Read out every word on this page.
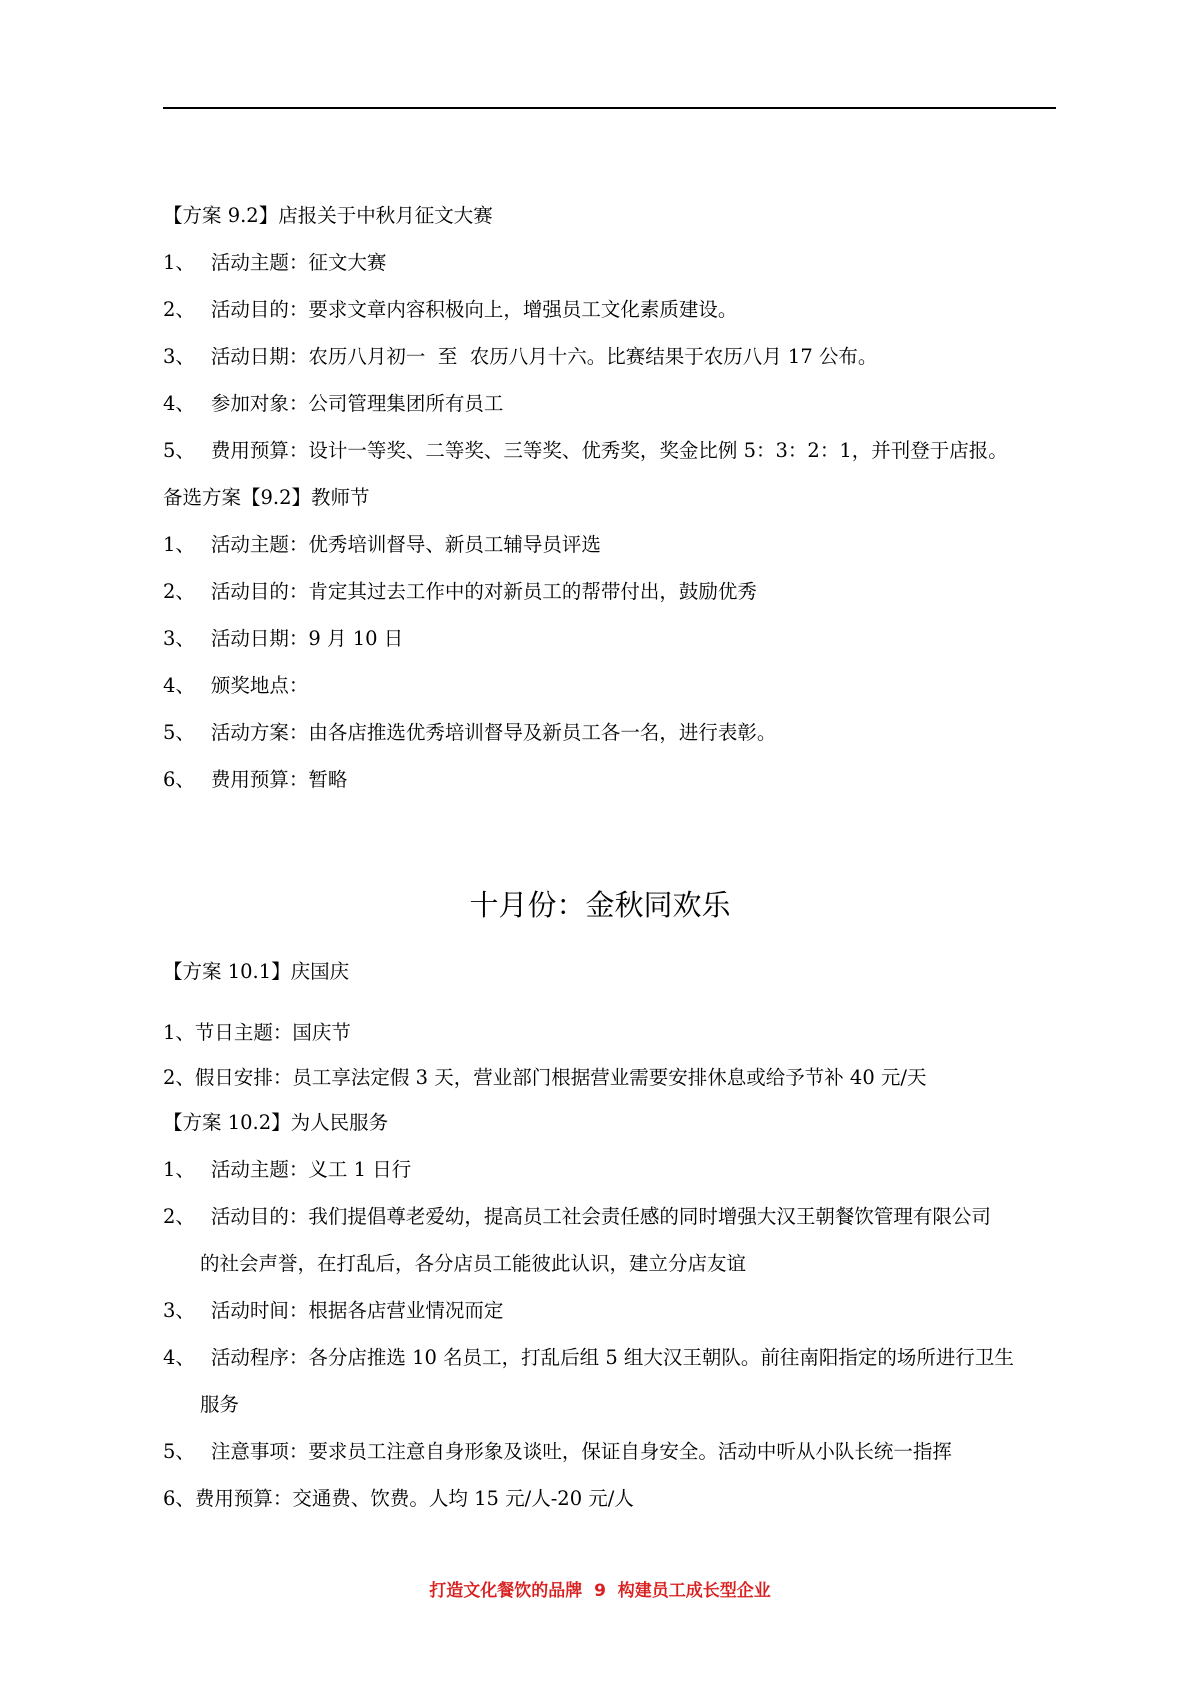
【方案 9.2】店报关于中秋月征文大赛
1、 活动主题：征文大赛
2、 活动目的：要求文章内容积极向上，增强员工文化素质建设。
3、 活动日期：农历八月初一  至  农历八月十六。比赛结果于农历八月 17 公布。
4、 参加对象：公司管理集团所有员工
5、 费用预算：设计一等奖、二等奖、三等奖、优秀奖，奖金比例 5：3：2：1，并刊登于店报。
备选方案【9.2】教师节
1、 活动主题：优秀培训督导、新员工辅导员评选
2、 活动目的：肯定其过去工作中的对新员工的帮带付出，鼓励优秀
3、 活动日期：9 月 10 日
4、 颁奖地点：
5、 活动方案：由各店推选优秀培训督导及新员工各一名，进行表彰。
6、 费用预算：暂略
十月份：金秋同欢乐
【方案 10.1】庆国庆
1、节日主题：国庆节
2、假日安排：员工享法定假 3 天，营业部门根据营业需要安排休息或给予节补 40 元/天
【方案 10.2】为人民服务
1、 活动主题：义工 1 日行
2、 活动目的：我们提倡尊老爱幼，提高员工社会责任感的同时增强大汉王朝餐饮管理有限公司
的社会声誉，在打乱后，各分店员工能彼此认识，建立分店友谊
3、 活动时间：根据各店营业情况而定
4、 活动程序：各分店推选 10 名员工，打乱后组 5 组大汉王朝队。前往南阳指定的场所进行卫生
服务
5、 注意事项：要求员工注意自身形象及谈吐，保证自身安全。活动中听从小队长统一指挥
6、费用预算：交通费、饮费。人均 15 元/人-20 元/人
打造文化餐饮的品牌  9  构建员工成长型企业
